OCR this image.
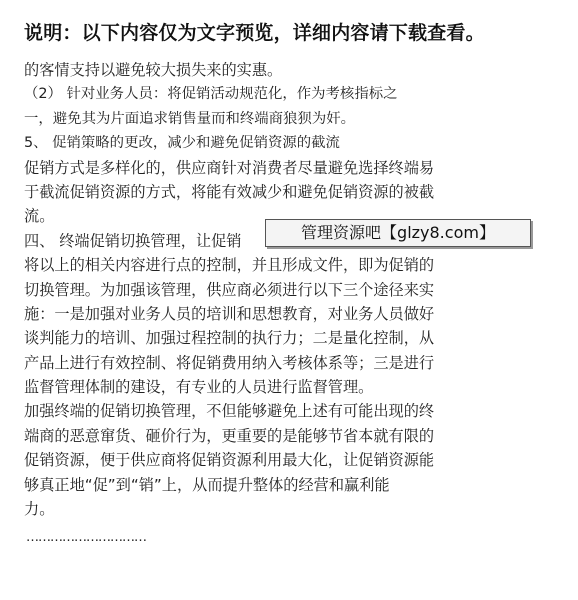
说明：以下内容仅为文字预览，详细内容请下载查看。
的客情支持以避免较大损失来的实惠。
（2） 针对业务人员：将促销活动规范化，作为考核指标之
一，避免其为片面追求销售量而和终端商狼狈为奸。
5、 促销策略的更改，减少和避免促销资源的截流
促销方式是多样化的，供应商针对消费者尽量避免选择终端易
于截流促销资源的方式，将能有效减少和避免促销资源的被截
流。
四、 终端促销切换管理，让促销
将以上的相关内容进行点的控制，并且形成文件，即为促销的
切换管理。为加强该管理，供应商必须进行以下三个途径来实
施：一是加强对业务人员的培训和思想教育，对业务人员做好
谈判能力的培训、加强过程控制的执行力；二是量化控制，从
产品上进行有效控制、将促销费用纳入考核体系等；三是进行
监督管理体制的建设，有专业的人员进行监督管理。
加强终端的促销切换管理，不但能够避免上述有可能出现的终
端商的恶意窜货、砸价行为，更重要的是能够节省本就有限的
促销资源，便于供应商将促销资源利用最大化，让促销资源能
够真正地“促”到“销”上，从而提升整体的经营和赢利能
力。
…………………………
管理资源吧【glzy8.com】
